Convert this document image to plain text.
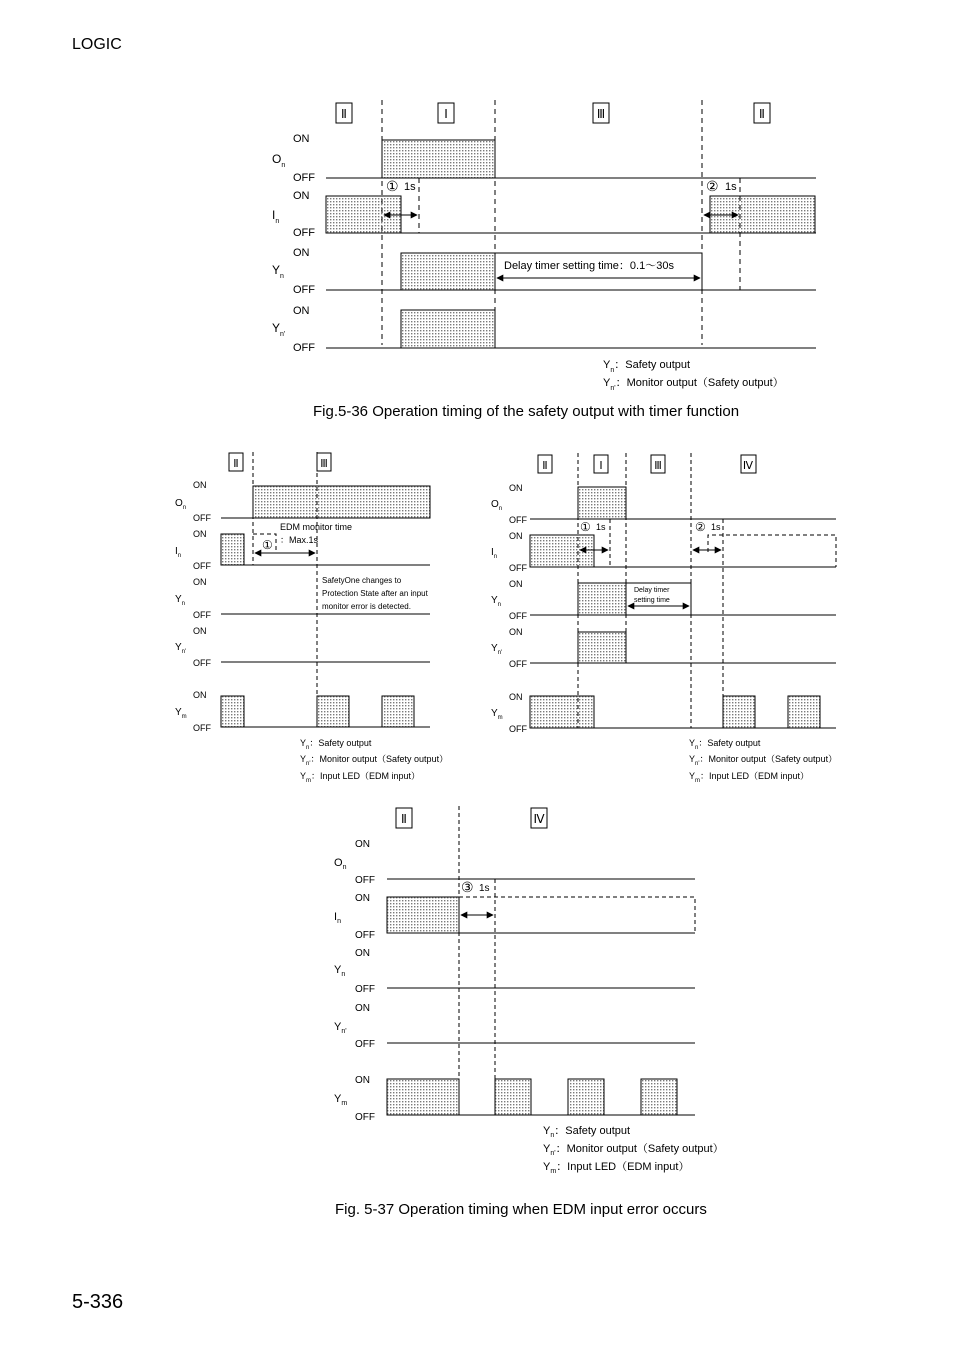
LOGIC
Ⅱ	Ⅰ	Ⅲ	Ⅱ
ON
OFF
ON
OFF
ON
OFF
ON
OFF
$O_n$
$I_n$
$Y_n$
$Y_{n'}$
① 1s	② 1s
Delay timer setting time：0.1～30s
$Y_n$：Safety output
$Y_{n'}$：Monitor output（Safety output）
Ⅱ	Ⅲ
ON
OFF
ON
OFF
ON
OFF
ON
OFF
ON
OFF
$O_n$
$I_n$
$Y_n$
$Y_{n'}$
$Y_m$
①
EDM monitor time
：Max.1s
SafetyOne changes to
Protection State after an input
monitor error is detected.
$Y_n$：Safety output
$Y_{n'}$：Monitor output（Safety output）
$Y_m$：Input LED（EDM input）
Ⅱ	Ⅰ	Ⅲ	Ⅳ
ON
OFF
ON
OFF
ON
OFF
ON
OFF
ON
OFF
$O_n$
$I_n$
$Y_n$
$Y_{n'}$
$Y_m$
① 1s	② 1s
Delay timer
setting time
$Y_n$：Safety output
$Y_{n'}$：Monitor output（Safety output）
$Y_m$：Input LED（EDM input）
Ⅱ	Ⅳ
ON
OFF
ON
OFF
ON
OFF
ON
OFF
ON
OFF
$O_n$
$I_n$
$Y_n$
$Y_{n'}$
$Y_m$
③ 1s
$Y_n$：Safety output
$Y_{n'}$：Monitor output（Safety output）
$Y_m$：Input LED（EDM input）
Fig.5-36 Operation timing of the safety output with timer function
Fig. 5-37 Operation timing when EDM input error occurs
5-336
